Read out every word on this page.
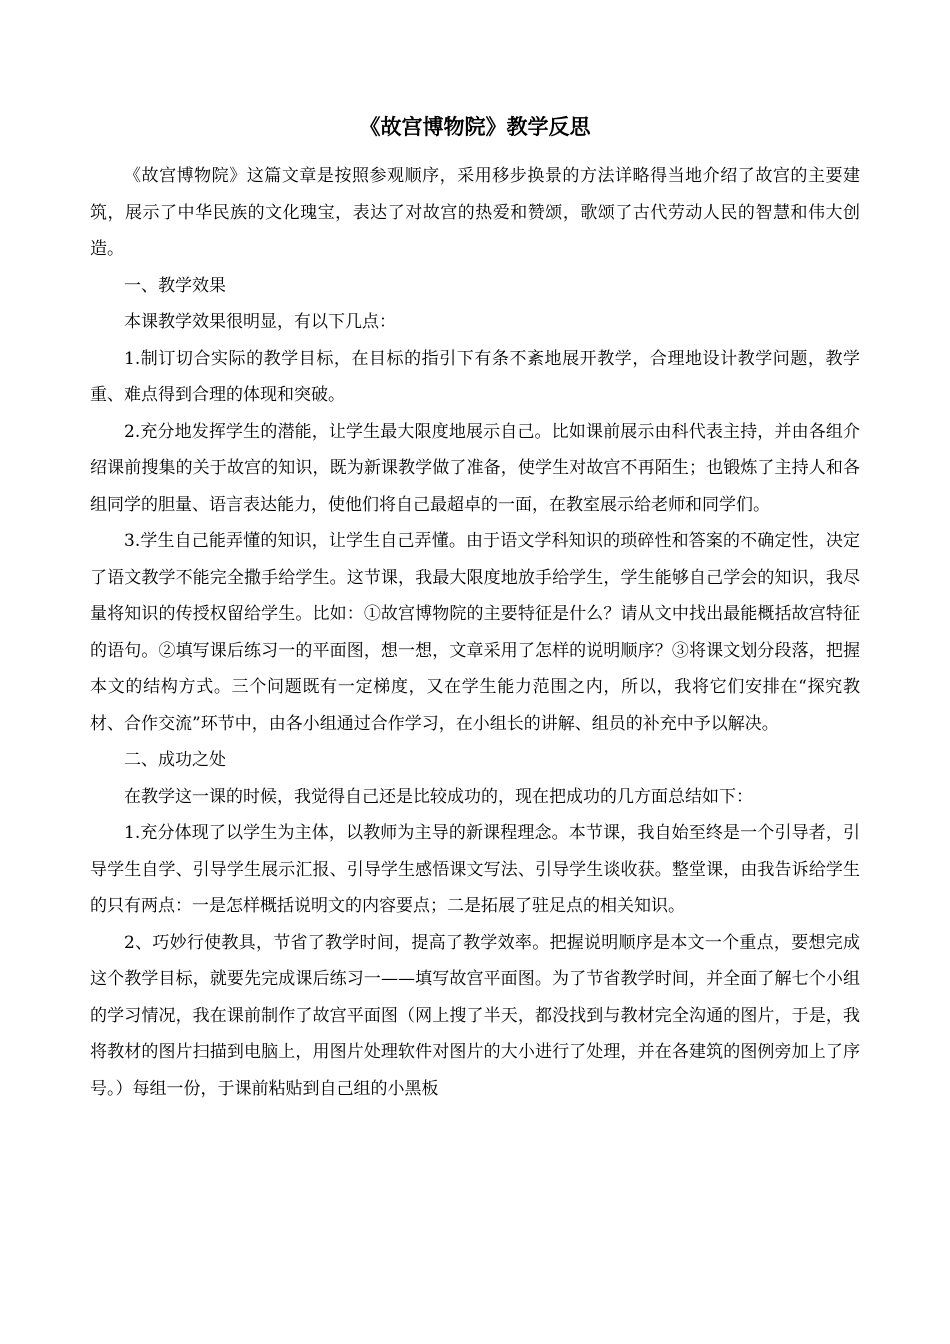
《故宫博物院》教学反思

《故宫博物院》这篇文章是按照参观顺序，采用移步换景的方法详略得当地介绍了故宫的主要建筑，展示了中华民族的文化瑰宝，表达了对故宫的热爱和赞颂，歌颂了古代劳动人民的智慧和伟大创造。

一、教学效果

本课教学效果很明显，有以下几点：

1.制订切合实际的教学目标，在目标的指引下有条不紊地展开教学，合理地设计教学问题，教学重、难点得到合理的体现和突破。

2.充分地发挥学生的潜能，让学生最大限度地展示自己。比如课前展示由科代表主持，并由各组介绍课前搜集的关于故宫的知识，既为新课教学做了准备，使学生对故宫不再陌生；也锻炼了主持人和各组同学的胆量、语言表达能力，使他们将自己最超卓的一面，在教室展示给老师和同学们。

3.学生自己能弄懂的知识，让学生自己弄懂。由于语文学科知识的琐碎性和答案的不确定性，决定了语文教学不能完全撒手给学生。这节课，我最大限度地放手给学生，学生能够自己学会的知识，我尽量将知识的传授权留给学生。比如：①故宫博物院的主要特征是什么？请从文中找出最能概括故宫特征的语句。②填写课后练习一的平面图，想一想，文章采用了怎样的说明顺序？③将课文划分段落，把握本文的结构方式。三个问题既有一定梯度，又在学生能力范围之内，所以，我将它们安排在“探究教材、合作交流”环节中，由各小组通过合作学习，在小组长的讲解、组员的补充中予以解决。

二、成功之处

在教学这一课的时候，我觉得自己还是比较成功的，现在把成功的几方面总结如下：

1.充分体现了以学生为主体，以教师为主导的新课程理念。本节课，我自始至终是一个引导者，引导学生自学、引导学生展示汇报、引导学生感悟课文写法、引导学生谈收获。整堂课，由我告诉给学生的只有两点：一是怎样概括说明文的内容要点；二是拓展了驻足点的相关知识。

2、巧妙行使教具，节省了教学时间，提高了教学效率。把握说明顺序是本文一个重点，要想完成这个教学目标，就要先完成课后练习一——填写故宫平面图。为了节省教学时间，并全面了解七个小组的学习情况，我在课前制作了故宫平面图（网上搜了半天，都没找到与教材完全沟通的图片，于是，我将教材的图片扫描到电脑上，用图片处理软件对图片的大小进行了处理，并在各建筑的图例旁加上了序号。）每组一份，于课前粘贴到自己组的小黑板
